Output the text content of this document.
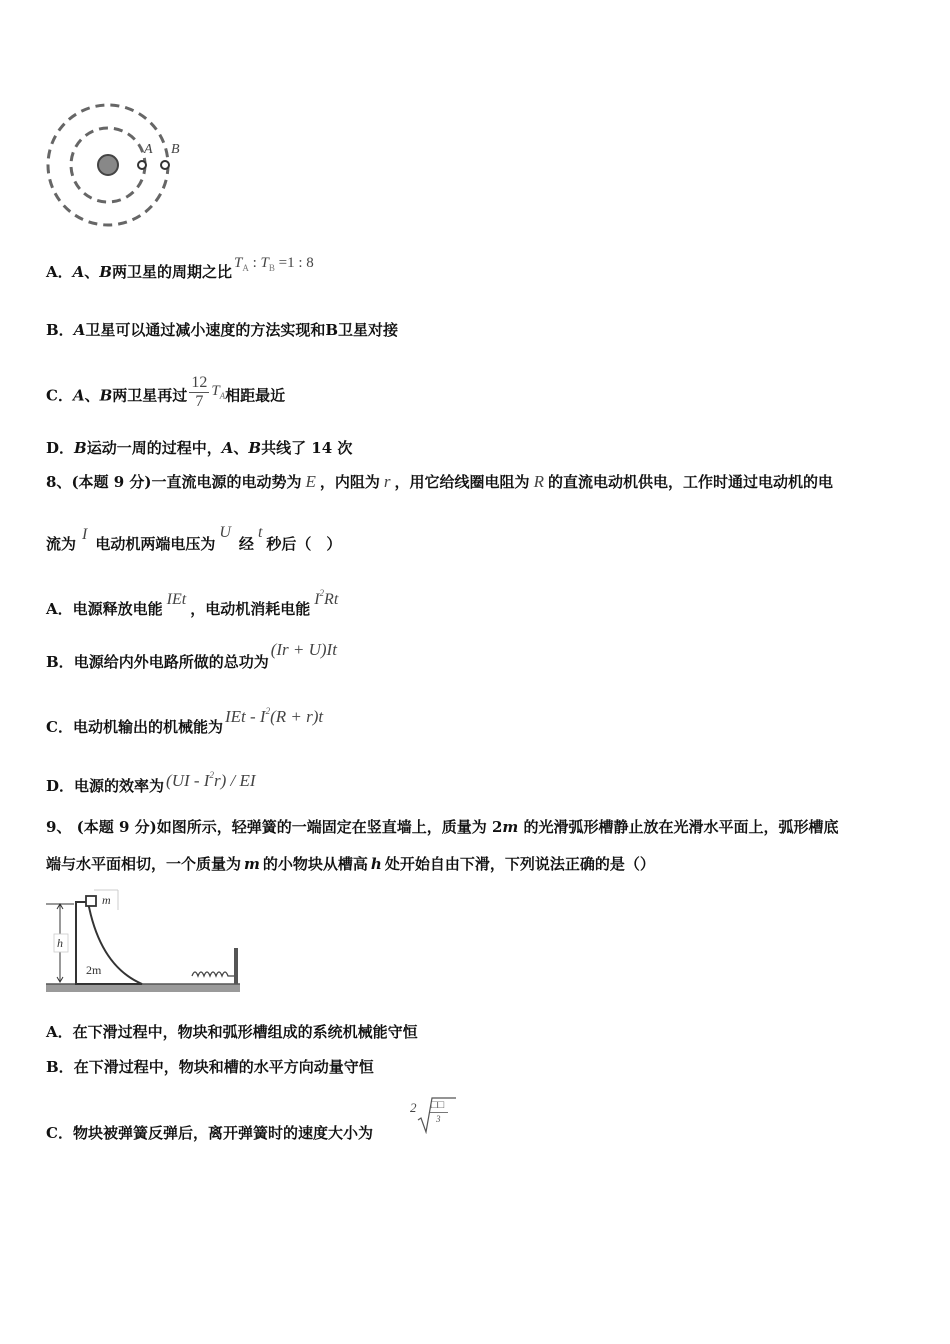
A B
A．A、B两卫星的周期之比 $T_A$ : $T_B =1$ : 8
B．A卫星可以通过减小速度的方法实现和B卫星对接
C．A、B两卫星再过 $\frac{12}{7} T_A$相距最近
D．B运动一周的过程中，A、B共线了 14 次
8、(本题 9 分)一直流电源的电动势为 E ，内阻为 r ，用它给线圈电阻为 R 的直流电动机供电，工作时通过电动机的电
流为I电动机两端电压为U经t秒后（　）
A．电源释放电能IEt，电动机消耗电能$I^2Rt$
B．电源给内外电路所做的总功为(Ir + U)It
C．电动机输出的机械能为IEt - $I^2(R + r)t$
D．电源的效率为 $(UI - I^2r)$ / EI
9、 (本题 9 分)如图所示，轻弹簧的一端固定在竖直墙上，质量为 2m 的光滑弧形槽静止放在光滑水平面上，弧形槽底
端与水平面相切，一个质量为 m 的小物块从槽高 h 处开始自由下滑，下列说法正确的是（）
m
h
2m
A．在下滑过程中，物块和弧形槽组成的系统机械能守恒
B．在下滑过程中，物块和槽的水平方向动量守恒
C．物块被弹簧反弹后，离开弹簧时的速度大小为
2 □□
3
